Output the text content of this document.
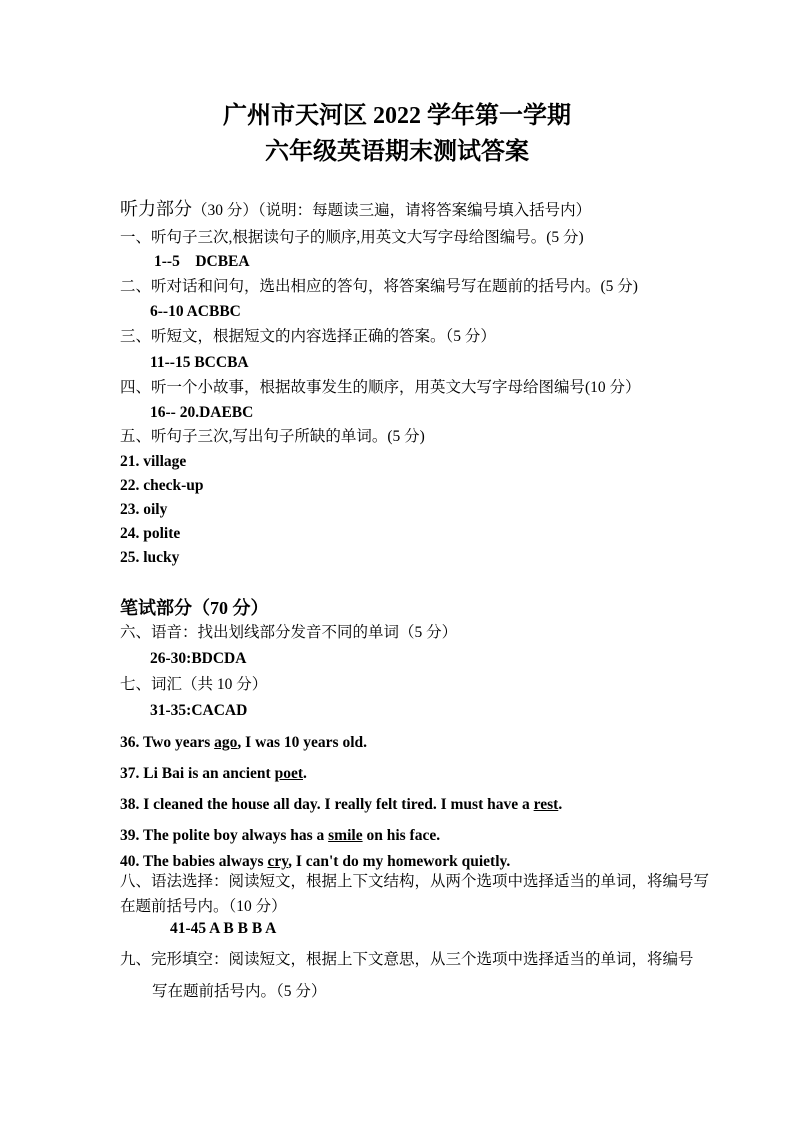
广州市天河区 2022 学年第一学期
六年级英语期末测试答案
听力部分（30 分）（说明：每题读三遍，请将答案编号填入括号内）
一、听句子三次,根据读句子的顺序,用英文大写字母给图编号。(5 分)
1--5　DCBEA
二、听对话和问句，选出相应的答句，将答案编号写在题前的括号内。(5 分)
6--10 ACBBC
三、听短文，根据短文的内容选择正确的答案。（5 分）
11--15 BCCBA
四、听一个小故事，根据故事发生的顺序，用英文大写字母给图编号(10 分）
16-- 20.DAEBC
五、听句子三次,写出句子所缺的单词。(5 分)
21. village
22. check-up
23. oily
24. polite
25. lucky
笔试部分（70 分）
六、语音：找出划线部分发音不同的单词（5 分）
26-30:BDCDA
七、词汇（共 10 分）
31-35:CACAD
36. Two years ago, I was 10 years old.
37. Li Bai is an ancient poet.
38. I cleaned the house all day. I really felt tired. I must have a rest.
39. The polite boy always has a smile on his face.
40. The babies always cry, I can't do my homework quietly.
八、语法选择：阅读短文，根据上下文结构，从两个选项中选择适当的单词，将编号写在题前括号内。（10 分）
41-45 A B B B A
九、完形填空：阅读短文，根据上下文意思，从三个选项中选择适当的单词，将编号
写在题前括号内。（5 分）
